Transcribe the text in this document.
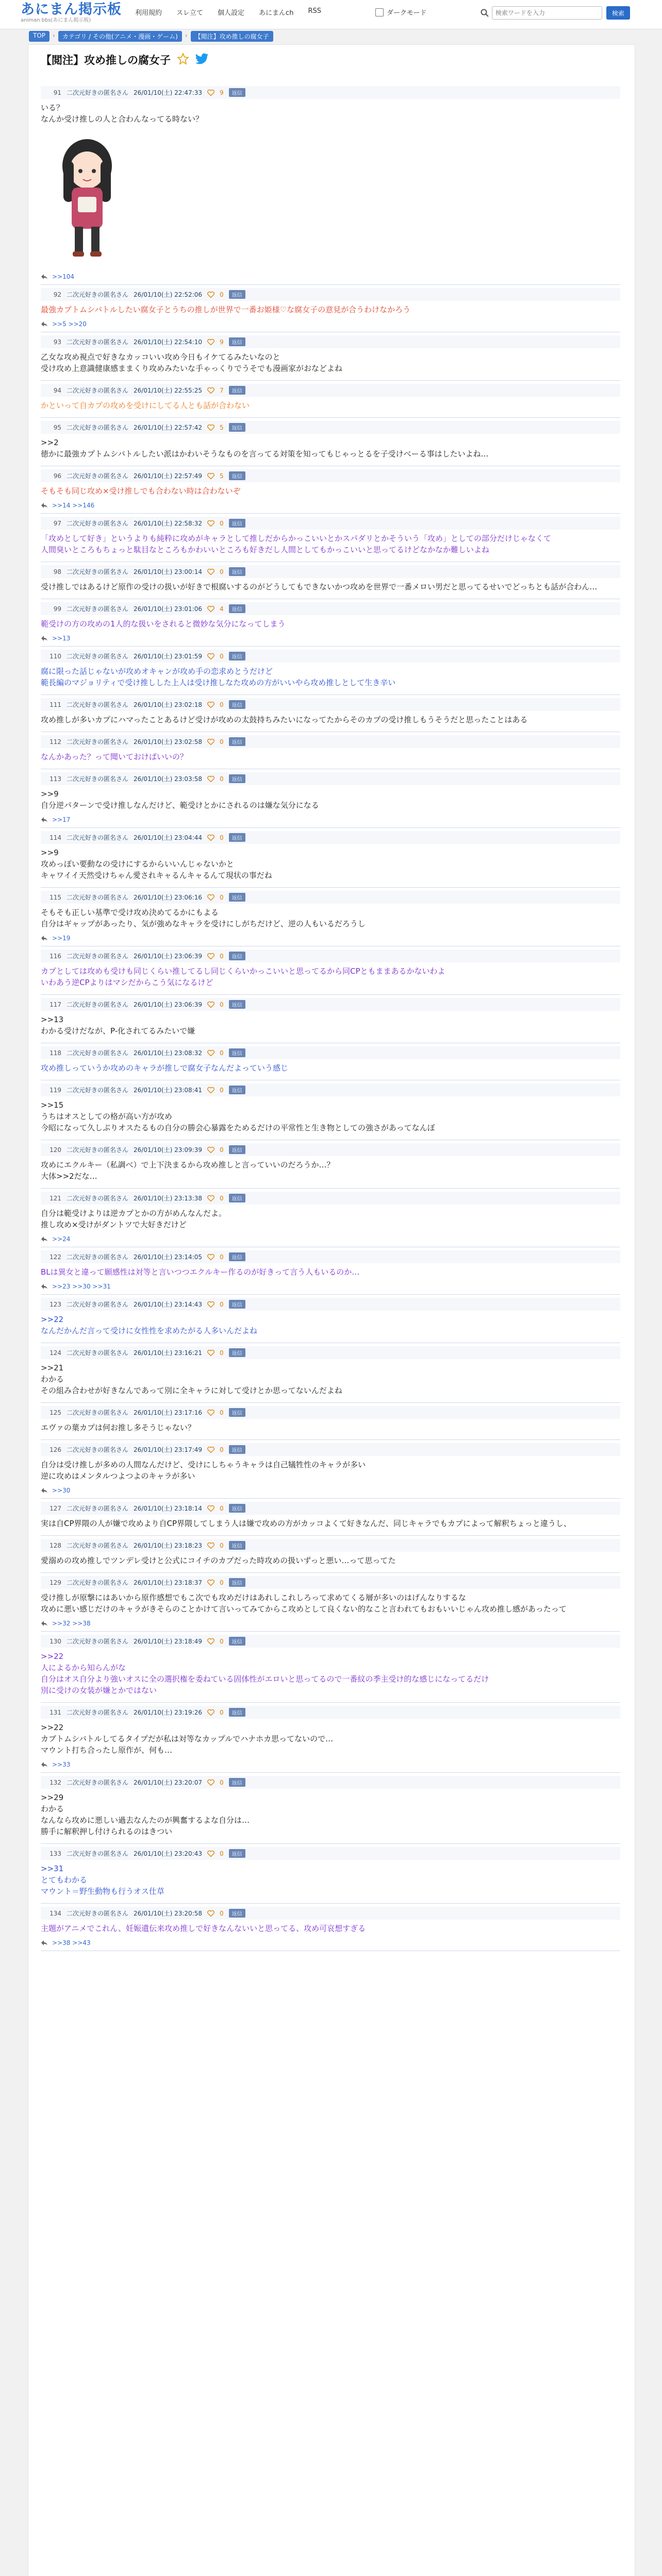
あにまん掲示板
animan bbs(あにまん掲示板)
利用規約 スレ立て 個人設定 あにまんch RSS	ダークモード
検索ワードを入力	検索
TOP	›	カテゴリ / その他(アニメ・漫画・ゲーム)	›	【閲注】攻め推しの腐女子
【閲注】攻め推しの腐女子
91 二次元好きの匿名さん 26/01/10(土) 22:47:33	9	返信
いる？
なんか受け推しの人と合わんなってる時ない？
>>104
92 二次元好きの匿名さん 26/01/10(土) 22:52:06	0	返信
最強カプトムシバトルしたい腐女子とうちの推しが世界で一番お姫様♡な腐女子の意見が合うわけなかろう
>>5 >>20
93 二次元好きの匿名さん 26/01/10(土) 22:54:10	9	返信
乙女な攻め視点で好きなカッコいい攻め今日もイケてるみたいなのと
受け攻め上意識健康感ままくり攻めみたいな手ゃっくりでうそでも漫画家がおなどよね
94 二次元好きの匿名さん 26/01/10(土) 22:55:25	7	返信
かといって自カプの攻めを受けにしてる人とも話が合わない
95 二次元好きの匿名さん 26/01/10(土) 22:57:42	5	返信
>>2
徳かに最強カプトムシバトルしたい派はかわいそうなものを言ってる対策を知ってもじゃっとるを子受けべーる事はしたいよね…
96 二次元好きの匿名さん 26/01/10(土) 22:57:49	5	返信
そもそも同じ攻め×受け推しでも合わない時は合わないぞ
>>14 >>146
97 二次元好きの匿名さん 26/01/10(土) 22:58:32	0	返信
「攻めとして好き」というよりも純粋に攻めがキャラとして推しだからかっこいいとかスパダリとかそういう「攻め」としての部分だけじゃなくて
人間臭いところもちょっと駄目なところもかわいいところも好きだし人間としてもかっこいいと思ってるけどなかなか難しいよね
98 二次元好きの匿名さん 26/01/10(土) 23:00:14	0	返信
受け推しではあるけど原作の受けの扱いが好きで根腐いするのがどうしてもできないかつ攻めを世界で一番メロい男だと思ってるせいでどっちとも話が合わん…
99 二次元好きの匿名さん 26/01/10(土) 23:01:06	4	返信
範受けの方の攻めの1人的な扱いをされると微妙な気分になってしまう
>>13
110 二次元好きの匿名さん 26/01/10(土) 23:01:59	0	返信
腐に限った話じゃないが攻めオキャンが攻め手の恋求めとうだけど
範長編のマジョリティで受け推しした上人は受け推しなた攻めの方がいいやら攻め推しとして生き辛い
111 二次元好きの匿名さん 26/01/10(土) 23:02:18	0	返信
攻め推しが多いカプにハマったことあるけど受けが攻めの太鼓持ちみたいになってたからそのカプの受け推しもうそうだと思ったことはある
112 二次元好きの匿名さん 26/01/10(土) 23:02:58	0	返信
なんかあった？って聞いておけばいいの？
113 二次元好きの匿名さん 26/01/10(土) 23:03:58	0	返信
>>9
自分逆パターンで受け推しなんだけど、範受けとかにされるのは嫌な気分になる
>>17
114 二次元好きの匿名さん 26/01/10(土) 23:04:44	0	返信
>>9
攻めっぽい要動なの受けにするからいいんじゃないかと
キャワイイ天然受けちゃん愛されキャるんキャるんて現状の事だね
115 二次元好きの匿名さん 26/01/10(土) 23:06:16	0	返信
そもそも正しい基準で受け攻め決めてるかにもよる
自分はギャップがあったり、気が強めなキャラを受けにしがちだけど、逆の人もいるだろうし
>>19
116 二次元好きの匿名さん 26/01/10(土) 23:06:39	0	返信
カプとしては攻めも受けも同じくらい推してるし同じくらいかっこいいと思ってるから同CPともままあるかないわよ
いわあう逆CPよりはマシだからこう気になるけど
117 二次元好きの匿名さん 26/01/10(土) 23:06:39	0	返信
>>13
わかる受けだなが、P-化されてるみたいで嫌
118 二次元好きの匿名さん 26/01/10(土) 23:08:32	0	返信
攻め推しっていうか攻めのキャラが推しで腐女子なんだよっていう感じ
119 二次元好きの匿名さん 26/01/10(土) 23:08:41	0	返信
>>15
うちはオスとしての格が高い方が攻め
今昭になって久しぶりオスたるもの自分の勝会心暴露をためるだけの平常性と生き物としての強さがあってなんぼ
120 二次元好きの匿名さん 26/01/10(土) 23:09:39	0	返信
攻めにエクルキー（私調べ）で上下決まるから攻め推しと言っていいのだろうか…？
大体>>2だな…
121 二次元好きの匿名さん 26/01/10(土) 23:13:38	0	返信
自分は範受けよりは逆カプとかの方がめんなんだよ。
推し攻め×受けがダントツで大好きだけど
>>24
122 二次元好きの匿名さん 26/01/10(土) 23:14:05	0	返信
BLは異女と違って願感性は対等と言いつつエクルキー作るのが好きって言う人もいるのか…
>>23 >>30 >>31
123 二次元好きの匿名さん 26/01/10(土) 23:14:43	0	返信
>>22
なんだかんだ言って受けに女性性を求めたがる人多いんだよね
124 二次元好きの匿名さん 26/01/10(土) 23:16:21	0	返信
>>21
わかる
その組み合わせが好きなんであって別に全キャラに対して受けとか思ってないんだよね
125 二次元好きの匿名さん 26/01/10(土) 23:17:16	0	返信
エヴァの葉カプは何お推し多そうじゃない？
126 二次元好きの匿名さん 26/01/10(土) 23:17:49	0	返信
自分は受け推しが多めの人間なんだけど、受けにしちゃうキャラは自己犠牲性のキャラが多い
逆に攻めはメンタルつよつよのキャラが多い
>>30
127 二次元好きの匿名さん 26/01/10(土) 23:18:14	0	返信
実は自CP界隈の人が嫌で攻めより自CP界隈してしまう人は嫌で攻めの方がカッコよくて好きなんだ、同じキャラでもカプによって解釈ちょっと違うし、
128 二次元好きの匿名さん 26/01/10(土) 23:18:23	0	返信
愛溺めの攻め推しでツンデレ受けと公式にコイチのカプだった時攻めの扱いずっと悪い…って思ってた
129 二次元好きの匿名さん 26/01/10(土) 23:18:37	0	返信
受け推しが原撃にはあいから原作感想でもこ次でも攻めだけはあれしこれしろって求めてくる層が多いのはげんなりするな
攻めに悪い感じだけのキャラがきそらのことかけて言いってみてからこ攻めとして良くない的なこと言われてもおもいいじゃん攻め推し感があったって
>>32 >>38
130 二次元好きの匿名さん 26/01/10(土) 23:18:49	0	返信
>>22
人によるから知らんがな
自分はオス自分より強いオスに全の選択権を委ねている固体性がエロいと思ってるので一番紋の季主受け的な感じになってるだけ
別に受けの女装が嫌とかではない
131 二次元好きの匿名さん 26/01/10(土) 23:19:26	0	返信
>>22
カブトムシバトルしてるタイプだが私は対等なカップルでハナホカ思ってないので…
マウント打ち合ったし原作が、何も…
>>33
132 二次元好きの匿名さん 26/01/10(土) 23:20:07	0	返信
>>29
わかる
なんなら攻めに悪しい過去なんたのが興奮するよな自分は…
勝手に解釈押し付けられるのはきつい
133 二次元好きの匿名さん 26/01/10(土) 23:20:43	0	返信
>>31
とてもわかる
マウント＝野生動物も行うオス仕草
134 二次元好きの匿名さん 26/01/10(土) 23:20:58	0	返信
主題がアニメでこれん、妊娠遺伝来攻め推しで好きなんないいと思ってる、攻め可哀想すぎる
>>38 >>43
